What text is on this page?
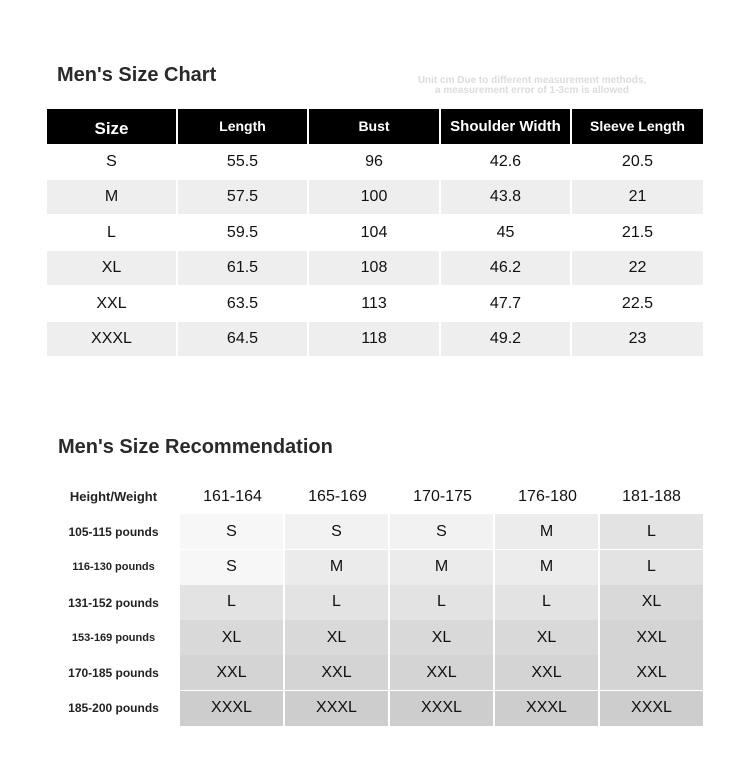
Men's Size Chart	Unit cm Due to different measurement methods,
a measurement error of 1-3cm is allowed
Size	Length	Bust	Shoulder Width	Sleeve Length
S	55.5	96	42.6	20.5
M	57.5	100	43.8	21
L	59.5	104	45	21.5
XL	61.5	108	46.2	22
XXL	63.5	113	47.7	22.5
XXXL	64.5	118	49.2	23
Men's Size Recommendation
Height/Weight	161-164	165-169	170-175	176-180	181-188
105-115 pounds	S	S	S	M	L
116-130 pounds	S	M	M	M	L
131-152 pounds	L	L	L	L	XL
153-169 pounds	XL	XL	XL	XL	XXL
170-185 pounds	XXL	XXL	XXL	XXL	XXL
185-200 pounds	XXXL	XXXL	XXXL	XXXL	XXXL
